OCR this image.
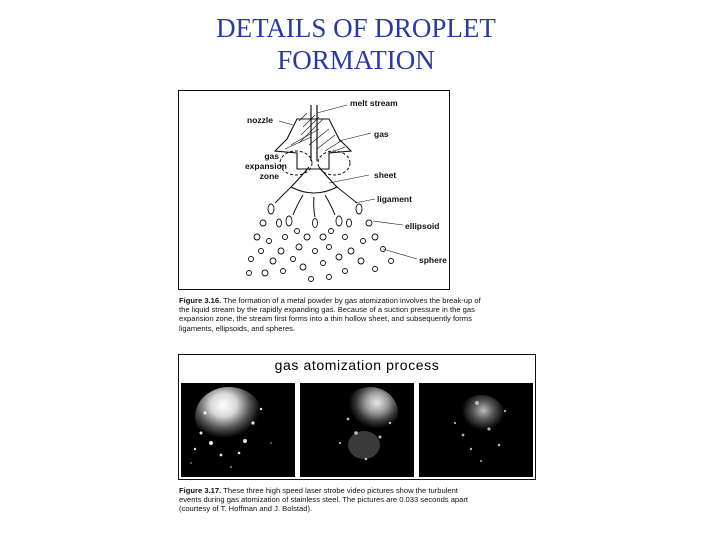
DETAILS OF DROPLET
FORMATION
melt stream
nozzle
gas
gas
expansion
zone	sheet
ligament
ellipsoid
sphere
Figure 3.16. The formation of a metal powder by gas atomization involves the break-up of
the liquid stream by the rapidly expanding gas. Because of a suction pressure in the gas
expansion zone, the stream first forms into a thin hollow sheet, and subsequently forms
ligaments, ellipsoids, and spheres.
gas atomization process
Figure 3.17. These three high speed laser strobe video pictures show the turbulent
events during gas atomization of stainless steel. The pictures are 0.033 seconds apart
(courtesy of T. Hoffman and J. Bolstad).
